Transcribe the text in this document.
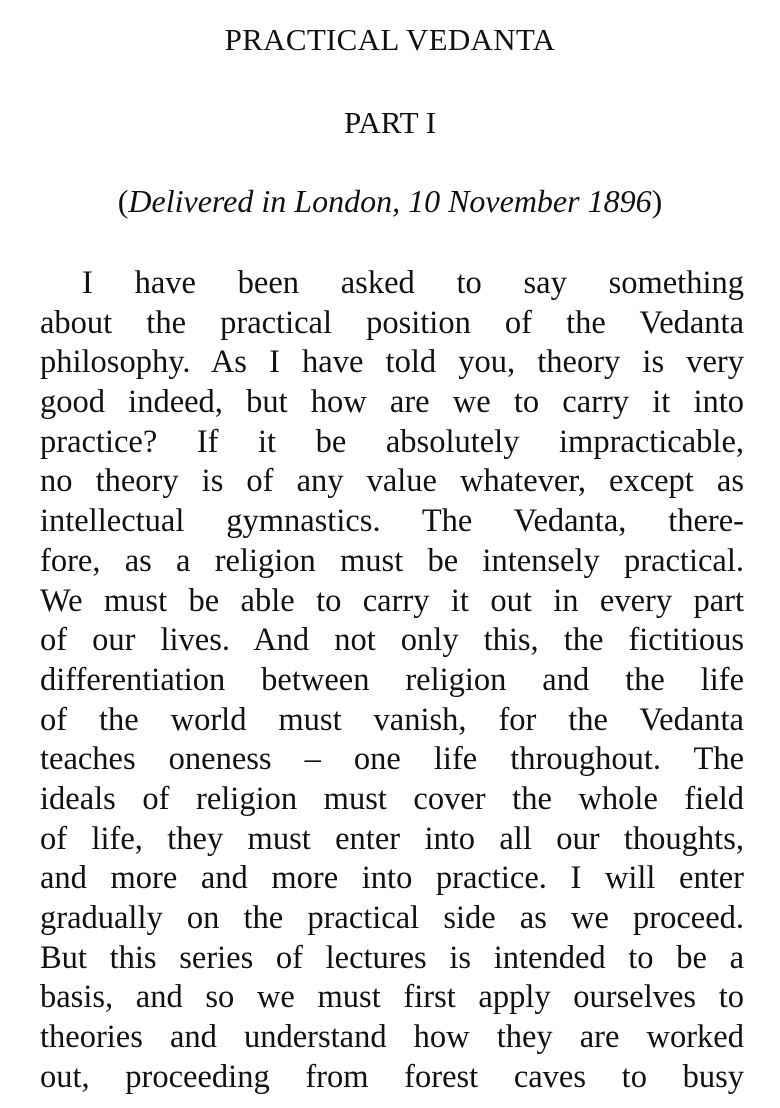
PRACTICAL VEDANTA
PART I
(Delivered in London, 10 November 1896)
I have been asked to say something
about the practical position of the Vedanta
philosophy. As I have told you, theory is very
good indeed, but how are we to carry it into
practice? If it be absolutely impracticable,
no theory is of any value whatever, except as
intellectual gymnastics. The Vedanta, there-
fore, as a religion must be intensely practical.
We must be able to carry it out in every part
of our lives. And not only this, the fictitious
differentiation between religion and the life
of the world must vanish, for the Vedanta
teaches oneness – one life throughout. The
ideals of religion must cover the whole field
of life, they must enter into all our thoughts,
and more and more into practice. I will enter
gradually on the practical side as we proceed.
But this series of lectures is intended to be a
basis, and so we must first apply ourselves to
theories and understand how they are worked
out, proceeding from forest caves to busy
